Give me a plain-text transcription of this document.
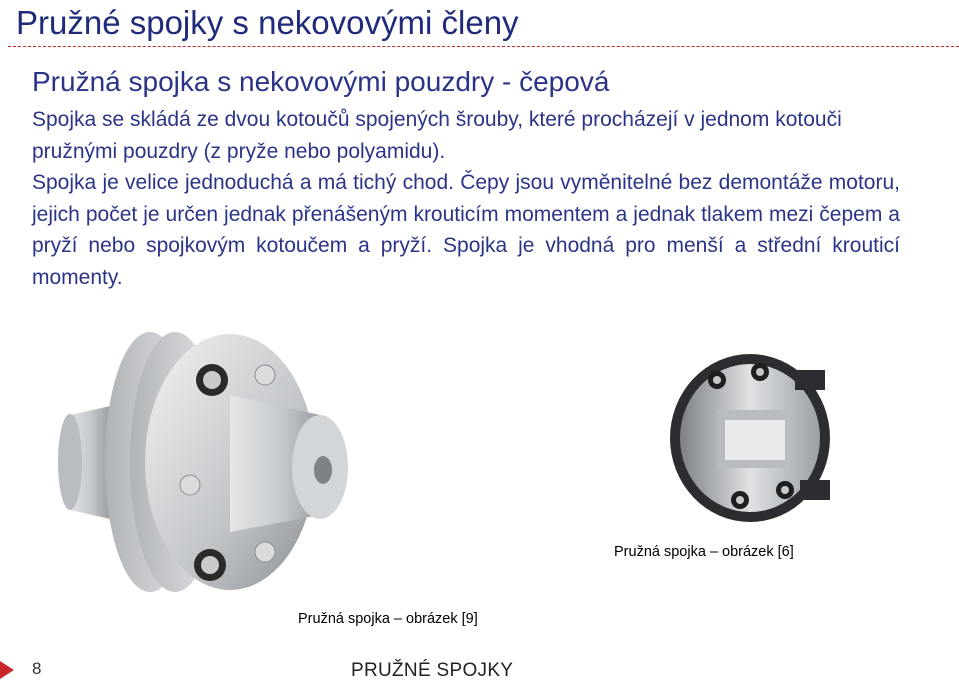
Pružné spojky s nekovovými členy
Pružná spojka s nekovovými pouzdry - čepová

Spojka se skládá ze dvou kotoučů spojených šrouby, které procházejí v jednom kotouči pružnými pouzdry (z pryže nebo polyamidu).

Spojka je velice jednoduchá a má tichý chod. Čepy jsou vyměnitelné bez demontáže motoru, jejich počet je určen jednak přenášeným krouticím momentem a jednak tlakem mezi čepem a pryží nebo spojkovým kotoučem a pryží. Spojka je vhodná pro menší a střední krouticí momenty.

Pružná spojka – obrázek [6]
Pružná spojka – obrázek [9]
8	PRUŽNÉ SPOJKY
